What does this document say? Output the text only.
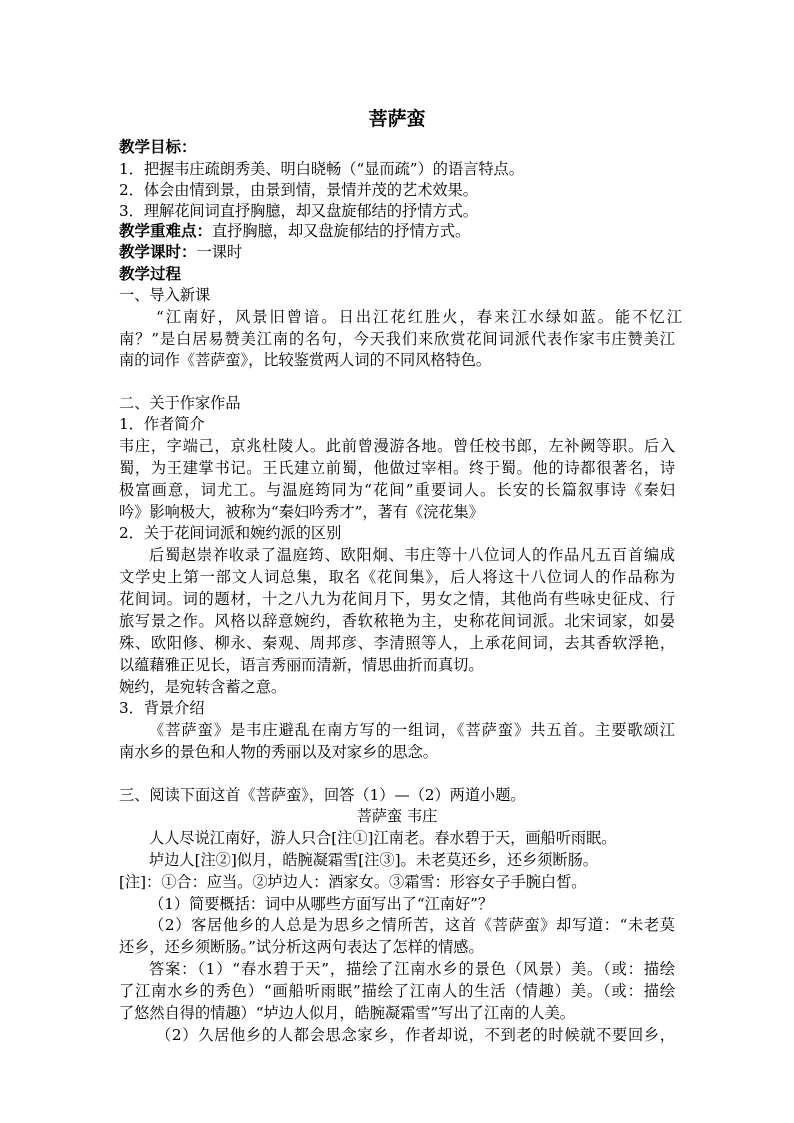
菩萨蛮
教学目标：
1．把握韦庄疏朗秀美、明白晓畅（“显而疏”）的语言特点。
2．体会由情到景，由景到情，景情并茂的艺术效果。
3．理解花间词直抒胸臆，却又盘旋郁结的抒情方式。
教学重难点：直抒胸臆，却又盘旋郁结的抒情方式。
教学课时：一课时
教学过程
一、导入新课
“江南好，风景旧曾谙。日出江花红胜火，春来江水绿如蓝。能不忆江
南？”是白居易赞美江南的名句，今天我们来欣赏花间词派代表作家韦庄赞美江
南的词作《菩萨蛮》，比较鉴赏两人词的不同风格特色。
二、关于作家作品
1．作者简介
韦庄，字端己，京兆杜陵人。此前曾漫游各地。曾任校书郎，左补阙等职。后入
蜀，为王建掌书记。王氏建立前蜀，他做过宰相。终于蜀。他的诗都很著名，诗
极富画意，词尤工。与温庭筠同为“花间”重要词人。长安的长篇叙事诗《秦妇
吟》影响极大，被称为“秦妇吟秀才”，著有《浣花集》
2．关于花间词派和婉约派的区别
后蜀赵崇祚收录了温庭筠、欧阳炯、韦庄等十八位词人的作品凡五百首编成
文学史上第一部文人词总集，取名《花间集》，后人将这十八位词人的作品称为
花间词。词的题材，十之八九为花间月下，男女之情，其他尚有些咏史征戍、行
旅写景之作。风格以辞意婉约，香软秾艳为主，史称花间词派。北宋词家，如晏
殊、欧阳修、柳永、秦观、周邦彦、李清照等人，上承花间词，去其香软浮艳，
以蕴藉雅正见长，语言秀丽而清新，情思曲折而真切。
婉约，是宛转含蓄之意。
3．背景介绍
《菩萨蛮》是韦庄避乱在南方写的一组词，《菩萨蛮》共五首。主要歌颂江
南水乡的景色和人物的秀丽以及对家乡的思念。
三、阅读下面这首《菩萨蛮》，回答（1）—（2）两道小题。
菩萨蛮 韦庄
人人尽说江南好，游人只合[注①]江南老。春水碧于天，画船听雨眠。
垆边人[注②]似月，皓腕凝霜雪[注③]。未老莫还乡，还乡须断肠。
[注]：①合：应当。②垆边人：酒家女。③霜雪：形容女子手腕白皙。
（1）简要概括：词中从哪些方面写出了“江南好”？
（2）客居他乡的人总是为思乡之情所苦，这首《菩萨蛮》却写道：“未老莫
还乡，还乡须断肠。”试分析这两句表达了怎样的情感。
答案：（1）“春水碧于天”，描绘了江南水乡的景色（风景）美。（或：描绘
了江南水乡的秀色）“画船听雨眠”描绘了江南人的生活（情趣）美。（或：描绘
了悠然自得的情趣）“垆边人似月，皓腕凝霜雪”写出了江南的人美。
（2）久居他乡的人都会思念家乡，作者却说，不到老的时候就不要回乡，
